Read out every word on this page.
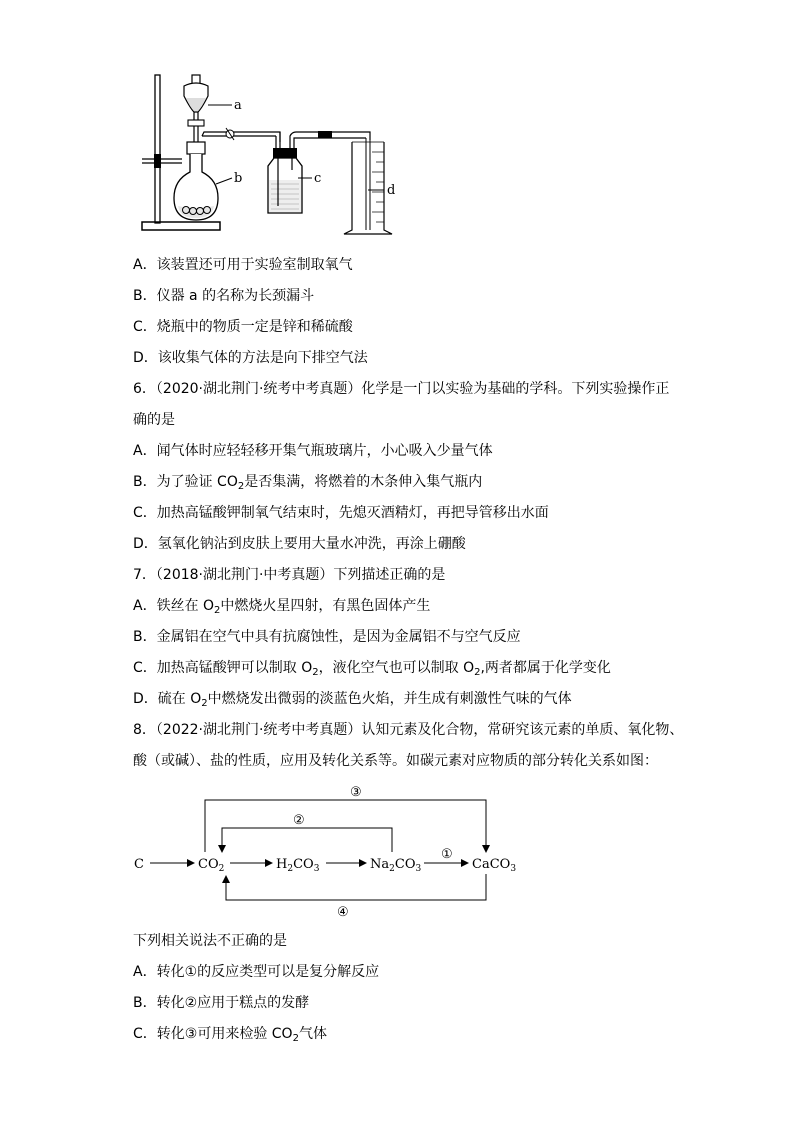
a
b	c
d
A．该装置还可用于实验室制取氧气
B．仪器 a 的名称为长颈漏斗
C．烧瓶中的物质一定是锌和稀硫酸
D．该收集气体的方法是向下排空气法
6．（2020·湖北荆门·统考中考真题）化学是一门以实验为基础的学科。下列实验操作正
确的是
A．闻气体时应轻轻移开集气瓶玻璃片，小心吸入少量气体
B．为了验证 $CO_2$是否集满，将燃着的木条伸入集气瓶内
C．加热高锰酸钾制氧气结束时，先熄灭酒精灯，再把导管移出水面
D．氢氧化钠沾到皮肤上要用大量水冲洗，再涂上硼酸
7．（2018·湖北荆门·中考真题）下列描述正确的是
A．铁丝在 $O_2$中燃烧火星四射，有黑色固体产生
B．金属铝在空气中具有抗腐蚀性，是因为金属铝不与空气反应
C．加热高锰酸钾可以制取 $O_2$，液化空气也可以制取 $O_2$,两者都属于化学变化
D．硫在 $O_2$中燃烧发出微弱的淡蓝色火焰，并生成有刺激性气味的气体
8．（2022·湖北荆门·统考中考真题）认知元素及化合物，常研究该元素的单质、氧化物、
酸（或碱）、盐的性质，应用及转化关系等。如碳元素对应物质的部分转化关系如图：
C	$CO_2$	$H_2CO_3$	$Na_2CO_3$	CaCO$_3$
①
②
③
④
下列相关说法不正确的是
A．转化①的反应类型可以是复分解反应
B．转化②应用于糕点的发酵
C．转化③可用来检验 $CO_2$气体
